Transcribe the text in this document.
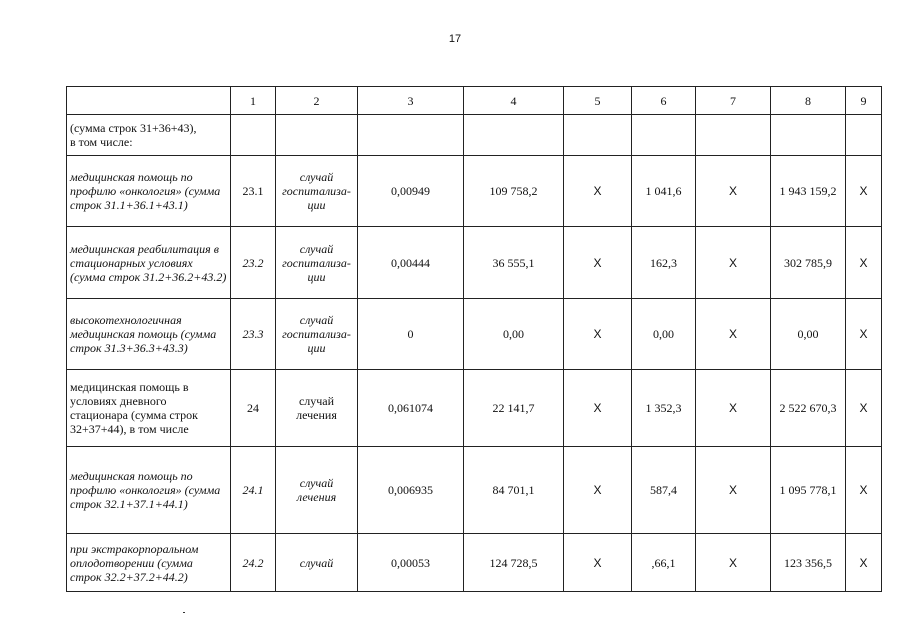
17
	1	2	3	4	5	6	7	8	9
(сумма строк 31+36+43),
в том числе:									
медицинская помощь по профилю «онкология» (сумма строк 31.1+36.1+43.1)	23.1	случай госпитализа-ции	0,00949	109 758,2	Х	1 041,6	Х	1 943 159,2	Х
медицинская реабилитация в стационарных условиях (сумма строк 31.2+36.2+43.2)	23.2	случай госпитализа-ции	0,00444	36 555,1	Х	162,3	Х	302 785,9	Х
высокотехнологичная медицинская помощь (сумма строк 31.3+36.3+43.3)	23.3	случай госпитализа-ции	0	0,00	Х	0,00	Х	0,00	Х
медицинская помощь в условиях дневного стационара (сумма строк 32+37+44), в том числе	24	случай лечения	0,061074	22 141,7	Х	1 352,3	Х	2 522 670,3	Х
медицинская помощь по профилю «онкология» (сумма строк 32.1+37.1+44.1)	24.1	случай лечения	0,006935	84 701,1	Х	587,4	Х	1 095 778,1	Х
при экстракорпоральном оплодотворении (сумма строк 32.2+37.2+44.2)	24.2	случай	0,00053	124 728,5	Х	,66,1	Х	123 356,5	Х
